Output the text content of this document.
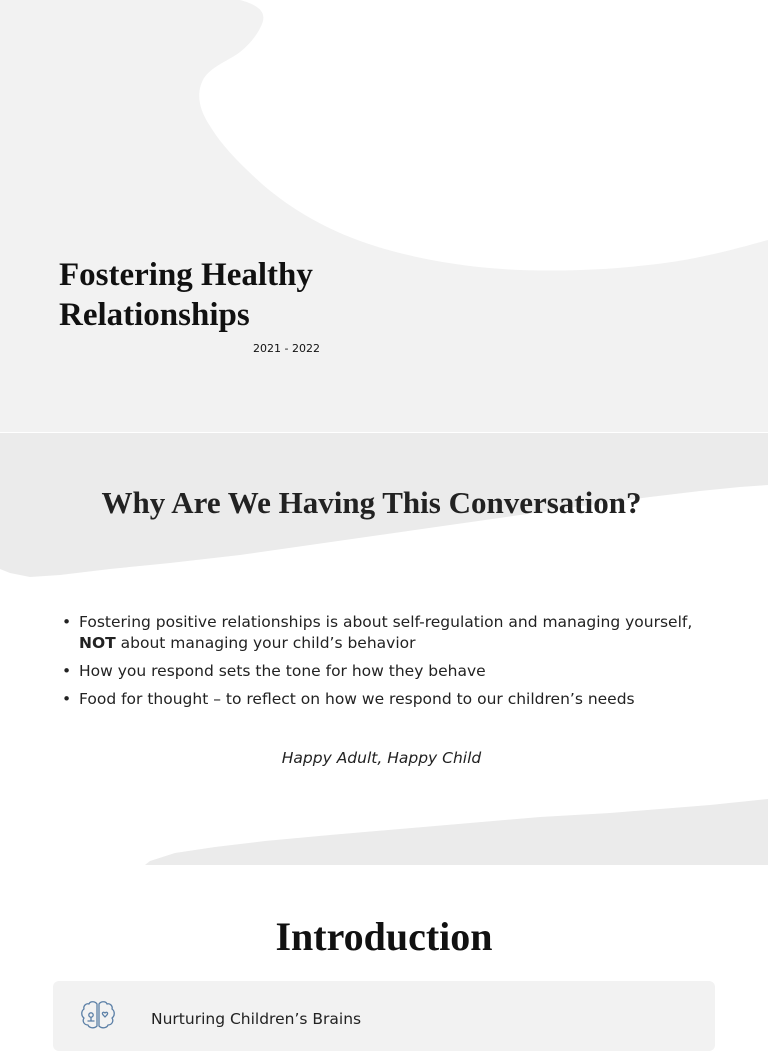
Fostering Healthy
Relationships
2021 - 2022
Why Are We Having This Conversation?
• Fostering positive relationships is about self-regulation and managing yourself,
NOT about managing your child’s behavior
• How you respond sets the tone for how they behave
• Food for thought – to reflect on how we respond to our children’s needs
Happy Adult, Happy Child
Introduction
Nurturing Children’s Brains
